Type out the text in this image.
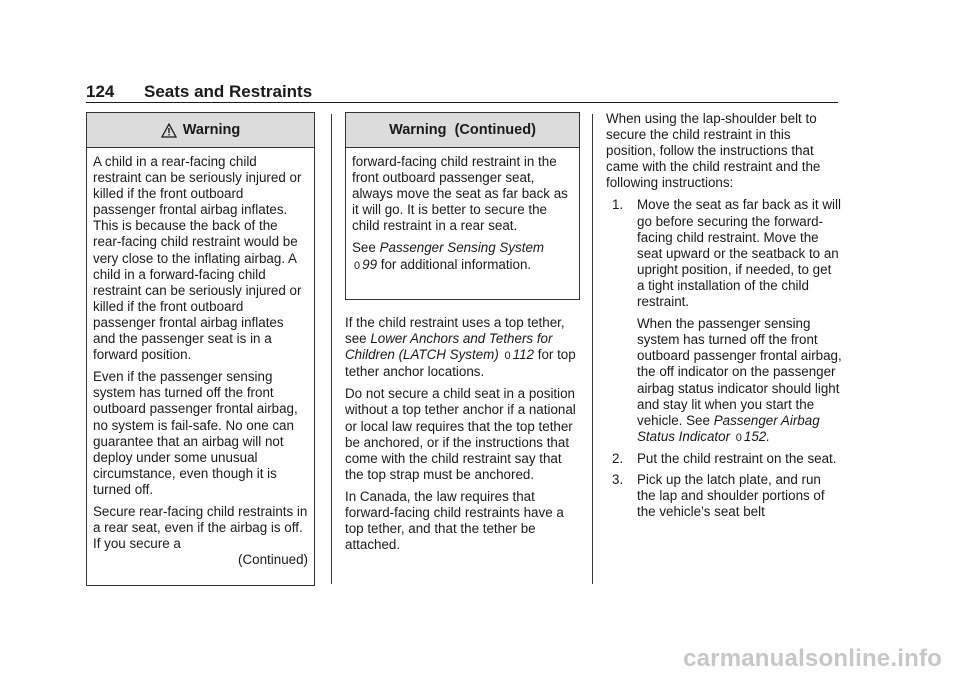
124 Seats and Restraints
Warning

A child in a rear-facing child restraint can be seriously injured or killed if the front outboard passenger frontal airbag inflates. This is because the back of the rear-facing child restraint would be very close to the inflating airbag. A child in a forward-facing child restraint can be seriously injured or killed if the front outboard passenger frontal airbag inflates and the passenger seat is in a forward position.

Even if the passenger sensing system has turned off the front outboard passenger frontal airbag, no system is fail-safe. No one can guarantee that an airbag will not deploy under some unusual circumstance, even though it is turned off.

Secure rear-facing child restraints in a rear seat, even if the airbag is off. If you secure a

(Continued)
Warning  (Continued)

forward-facing child restraint in the front outboard passenger seat, always move the seat as far back as it will go. It is better to secure the child restraint in a rear seat.

See Passenger Sensing System
0 99 for additional information.

If the child restraint uses a top tether, see Lower Anchors and Tethers for Children (LATCH System) 0 112 for top tether anchor locations.

Do not secure a child seat in a position without a top tether anchor if a national or local law requires that the top tether be anchored, or if the instructions that come with the child restraint say that the top strap must be anchored.

In Canada, the law requires that forward-facing child restraints have a top tether, and that the tether be attached.

When using the lap-shoulder belt to secure the child restraint in this position, follow the instructions that came with the child restraint and the following instructions:

1. Move the seat as far back as it will go before securing the forward-facing child restraint. Move the seat upward or the seatback to an upright position, if needed, to get a tight installation of the child restraint.

When the passenger sensing system has turned off the front outboard passenger frontal airbag, the off indicator on the passenger airbag status indicator should light and stay lit when you start the vehicle. See Passenger Airbag Status Indicator 0 152.

2. Put the child restraint on the seat.

3. Pick up the latch plate, and run the lap and shoulder portions of the vehicle’s seat belt

carmanualsonline.info
